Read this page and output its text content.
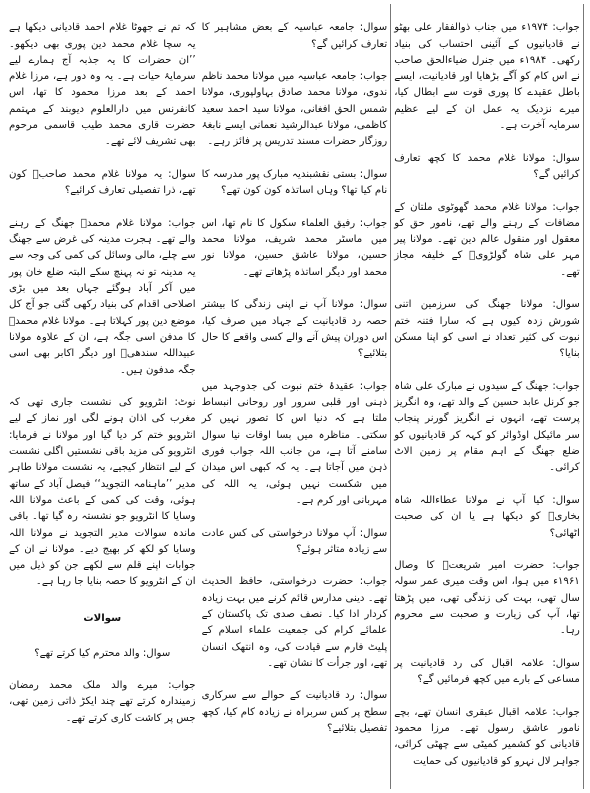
کہ تم نے جھوٹا غلام احمد قادیانی دیکھا ہے یہ سچا غلام محمد دین پوری بھی دیکھو۔ ’’ان حضرات کا یہ جذبہ آج ہمارے لیے سرمایۂ حیات ہے۔ یہ وہ دور ہے، مرزا غلام احمد کے بعد مرزا محمود کا تھا، اس کانفرنس میں دارالعلوم دیوبند کے مہتمم حضرت قاری محمد طیب قاسمی مرحوم بھی تشریف لائے تھے۔

سوال: یہ مولانا غلام محمد صاحبؒ کون تھے، ذرا تفصیلی تعارف کرائیے؟

جواب: مولانا غلام محمدؒ جھنگ کے رہنے والے تھے۔ ہجرت مدینہ کی غرض سے جھنگ سے چلے، مالی وسائل کی کمی کی وجہ سے یہ مدینہ تو نہ پہنچ سکے البتہ ضلع خان پور میں آکر آباد ہوگئے جہاں بعد میں بڑی اصلاحی اقدام کی بنیاد رکھی گئی جو آج کل موضع دین پور کہلاتا ہے۔ مولانا غلام محمدؒ کا مدفن اسی جگہ ہے، ان کے علاوہ مولانا عبیداللہ سندھیؒ اور دیگر اکابر بھی اسی جگہ مدفون ہیں۔

نوٹ: انٹرویو کی نشست جاری تھی کہ مغرب کی اذان ہونے لگی اور نماز کے لیے انٹرویو ختم کر دیا گیا اور مولانا نے فرمایا: انٹرویو کی مزید باقی نشستیں اگلی نشست کے لیے انتظار کیجیے، یہ نشست مولانا طاہر مدیر ’’ماہنامہ التجوید‘‘ فیصل آباد کے ساتھ ہوئی، وقت کی کمی کے باعث مولانا اللہ وسایا کا انٹرویو جو نشستہ رہ گیا تھا۔ باقی ماندہ سوالات مدیر التجوید نے مولانا اللہ وسایا کو لکھ کر بھیج دیے۔ مولانا نے ان کے جوابات اپنے قلم سے لکھے جن کو ذیل میں ان کے انٹرویو کا حصہ بنایا جا رہا ہے۔

سوالات

سوال: والد محترم کیا کرتے تھے؟

جواب: میرے والد ملک محمد رمضان زمیندارہ کرتے تھے چند ایکڑ ذاتی زمین تھی، جس پر کاشت کاری کرتے تھے۔

سوال: جامعہ عباسیہ کے بعض مشاہیر کا تعارف کرائیں گے؟

جواب: جامعہ عباسیہ میں مولانا محمد ناظم ندوی، مولانا محمد صادق بہاولپوری، مولانا شمس الحق افغانی، مولانا سید احمد سعید کاظمی، مولانا عبدالرشید نعمانی ایسے نابغۂ روزگار حضرات مسند تدریس پر فائز رہے۔

سوال: بستی نقشبندیہ مبارک پور مدرسہ کا نام کیا تھا؟ وہاں اساتذہ کون کون تھے؟

جواب: رفیق العلماء سکول کا نام تھا، اس میں ماسٹر محمد شریف، مولانا محمد حسین، مولانا عاشق حسین، مولانا نور محمد اور دیگر اساتذہ پڑھاتے تھے۔

سوال: مولانا آپ نے اپنی زندگی کا بیشتر حصہ رد قادیانیت کے جہاد میں صرف کیا، اس دوران پیش آنے والے کسی واقعے کا حال بتلائیے؟

جواب: عقیدۂ ختم نبوت کی جدوجہد میں ذہنی اور قلبی سرور اور روحانی انبساط ملتا ہے کہ دنیا اس کا تصور نہیں کر سکتی۔ مناظرہ میں بسا اوقات نیا سوال سامنے آتا ہے، من جانب اللہ جواب فوری ذہن میں آجاتا ہے۔ یہ کہ کبھی اس میدان میں شکست نہیں ہوئی، یہ اللہ کی مہربانی اور کرم ہے۔

سوال: آپ مولانا درخواستی کی کس عادت سے زیادہ متاثر ہوئے؟

جواب: حضرت درخواستی، حافظ الحدیث تھے۔ دینی مدارس قائم کرنے میں بہت زیادہ کردار ادا کیا۔ نصف صدی تک پاکستان کے علمائے کرام کی جمعیت علماء اسلام کے پلیٹ فارم سے قیادت کی، وہ انتھک انسان تھے، اور جرأت کا نشان تھے۔

سوال: رد قادیانیت کے حوالے سے سرکاری سطح پر کس سربراہ نے زیادہ کام کیا، کچھ تفصیل بتلائیے؟

جواب: ۱۹۷۴ء میں جناب ذوالفقار علی بھٹو نے قادیانیوں کے آئینی احتساب کی بنیاد رکھی۔ ۱۹۸۴ء میں جنرل ضیاءالحق صاحب نے اس کام کو آگے بڑھایا اور قادیانیت، ایسے باطل عقیدے کا پوری قوت سے ابطال کیا، میرے نزدیک یہ عمل ان کے لیے عظیم سرمایہ آخرت ہے۔

سوال: مولانا غلام محمد کا کچھ تعارف کرائیں گے؟

جواب: مولانا غلام محمد گھوٹوی ملتان کے مضافات کے رہنے والے تھے، نامور حق کو معقول اور منقول عالم دین تھے۔ مولانا پیر مہر علی شاہ گولڑویؒ کے خلیفہ مجاز تھے۔

سوال: مولانا جھنگ کی سرزمین اتنی شورش زدہ کیوں ہے کہ سارا فتنہ ختم نبوت کی کثیر تعداد نے اسی کو اپنا مسکن بنایا؟

جواب: جھنگ کے سیدوں نے مبارک علی شاہ جو کرنل عابد حسین کے والد تھے، وہ انگریز پرست تھے، انہوں نے انگریز گورنر پنجاب سر مائیکل اوڈوائر کو کہہ کر قادیانیوں کو ضلع جھنگ کے اہم مقام پر زمین الاٹ کرائی۔

سوال: کیا آپ نے مولانا عطاءاللہ شاہ بخاریؒ کو دیکھا ہے یا ان کی صحبت اٹھائی؟

جواب: حضرت امیر شریعتؒ کا وصال ۱۹۶۱ء میں ہوا، اس وقت میری عمر سولہ سال تھی، بہت کی زندگی تھی، میں پڑھتا تھا، آپ کی زیارت و صحبت سے محروم رہا۔

سوال: علامہ اقبال کی رد قادیانیت پر مساعی کے بارے میں کچھ فرمائیں گے؟

جواب: علامہ اقبال عبقری انسان تھے، بچے نامور عاشق رسول تھے۔ مرزا محمود قادیانی کو کشمیر کمیٹی سے چھٹی کرائی، جواہر لال نہرو کو قادیانیوں کی حمایت
